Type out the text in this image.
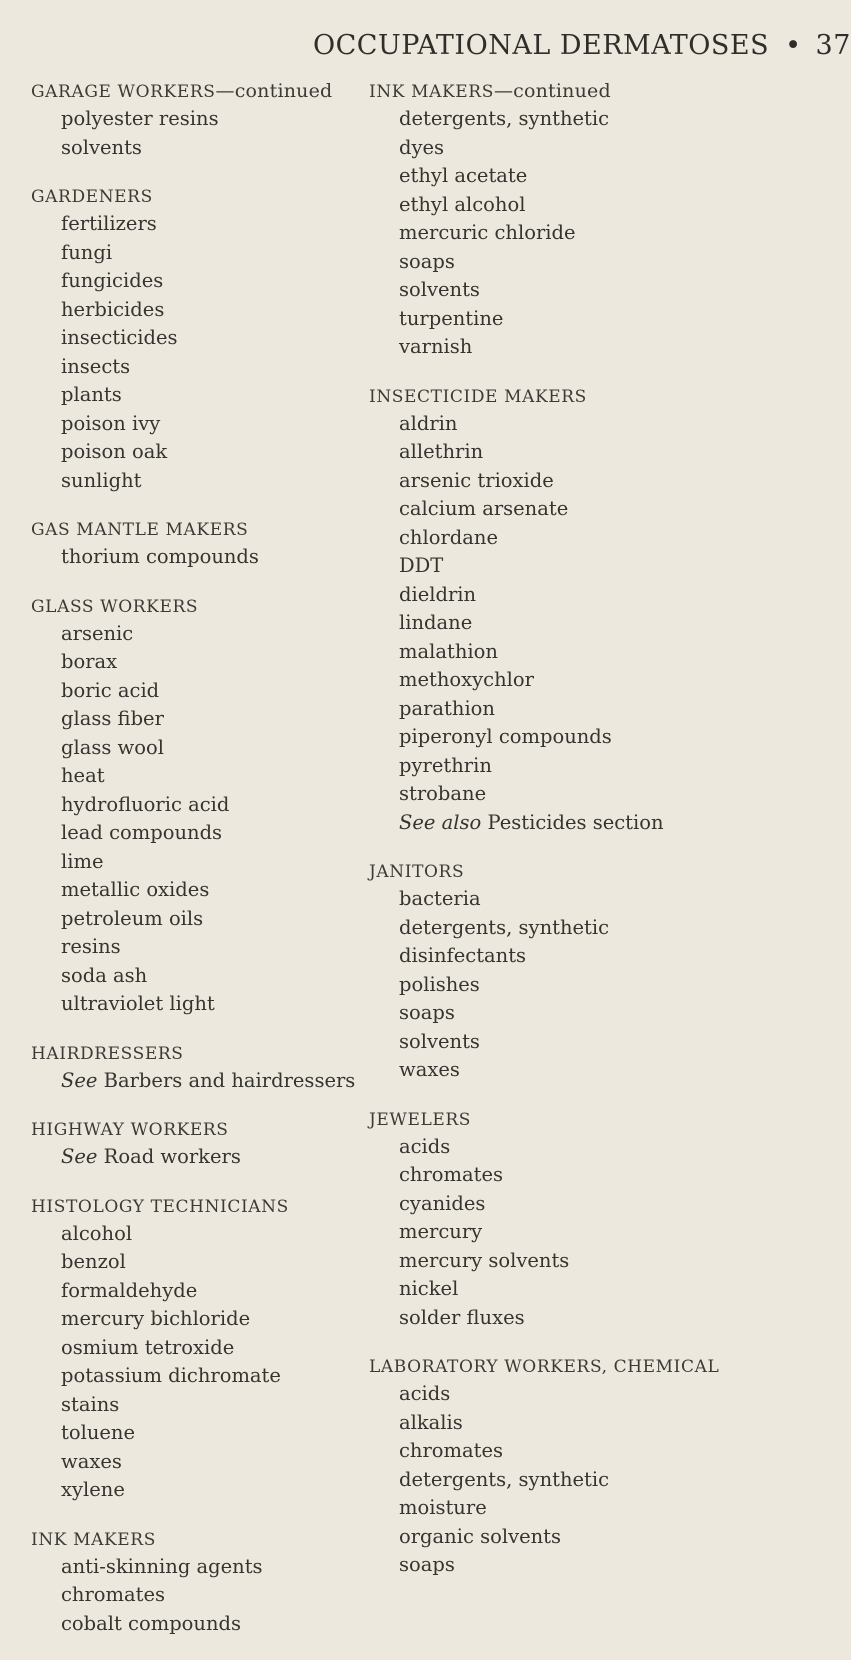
OCCUPATIONAL DERMATOSES • 37
GARAGE WORKERS—continued
polyester resins
solvents
GARDENERS
fertilizers
fungi
fungicides
herbicides
insecticides
insects
plants
poison ivy
poison oak
sunlight
GAS MANTLE MAKERS
thorium compounds
GLASS WORKERS
arsenic
borax
boric acid
glass fiber
glass wool
heat
hydrofluoric acid
lead compounds
lime
metallic oxides
petroleum oils
resins
soda ash
ultraviolet light
HAIRDRESSERS
See Barbers and hairdressers
HIGHWAY WORKERS
See Road workers
HISTOLOGY TECHNICIANS
alcohol
benzol
formaldehyde
mercury bichloride
osmium tetroxide
potassium dichromate
stains
toluene
waxes
xylene
INK MAKERS
anti-skinning agents
chromates
cobalt compounds
INK MAKERS—continued
detergents, synthetic
dyes
ethyl acetate
ethyl alcohol
mercuric chloride
soaps
solvents
turpentine
varnish
INSECTICIDE MAKERS
aldrin
allethrin
arsenic trioxide
calcium arsenate
chlordane
DDT
dieldrin
lindane
malathion
methoxychlor
parathion
piperonyl compounds
pyrethrin
strobane
See also Pesticides section
JANITORS
bacteria
detergents, synthetic
disinfectants
polishes
soaps
solvents
waxes
JEWELERS
acids
chromates
cyanides
mercury
mercury solvents
nickel
solder fluxes
LABORATORY WORKERS, CHEMICAL
acids
alkalis
chromates
detergents, synthetic
moisture
organic solvents
soaps
